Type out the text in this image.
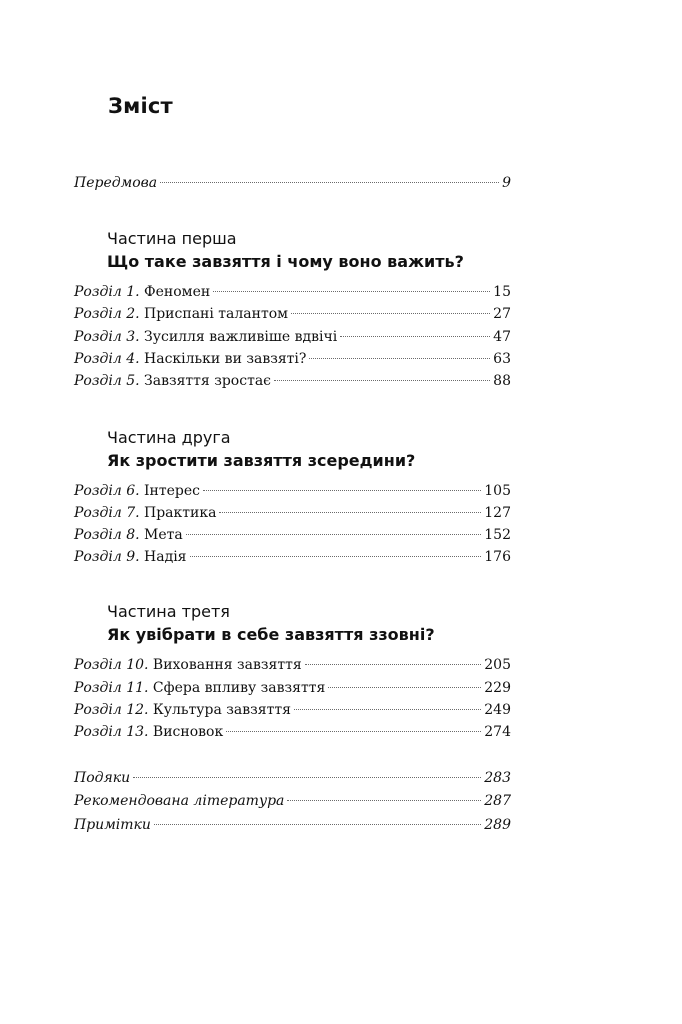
Зміст
Передмова	9
Частина перша
Що таке завзяття і чому воно важить?
Розділ 1. Феномен	15
Розділ 2. Приспані талантом	27
Розділ 3. Зусилля важливіше вдвічі	47
Розділ 4. Наскільки ви завзяті?	63
Розділ 5. Завзяття зростає	88
Частина друга
Як зростити завзяття зсередини?
Розділ 6. Інтерес	105
Розділ 7. Практика	127
Розділ 8. Мета	152
Розділ 9. Надія	176
Частина третя
Як увібрати в себе завзяття ззовні?
Розділ 10. Виховання завзяття	205
Розділ 11. Сфера впливу завзяття	229
Розділ 12. Культура завзяття	249
Розділ 13. Висновок	274
Подяки	283
Рекомендована література	287
Примітки	289
